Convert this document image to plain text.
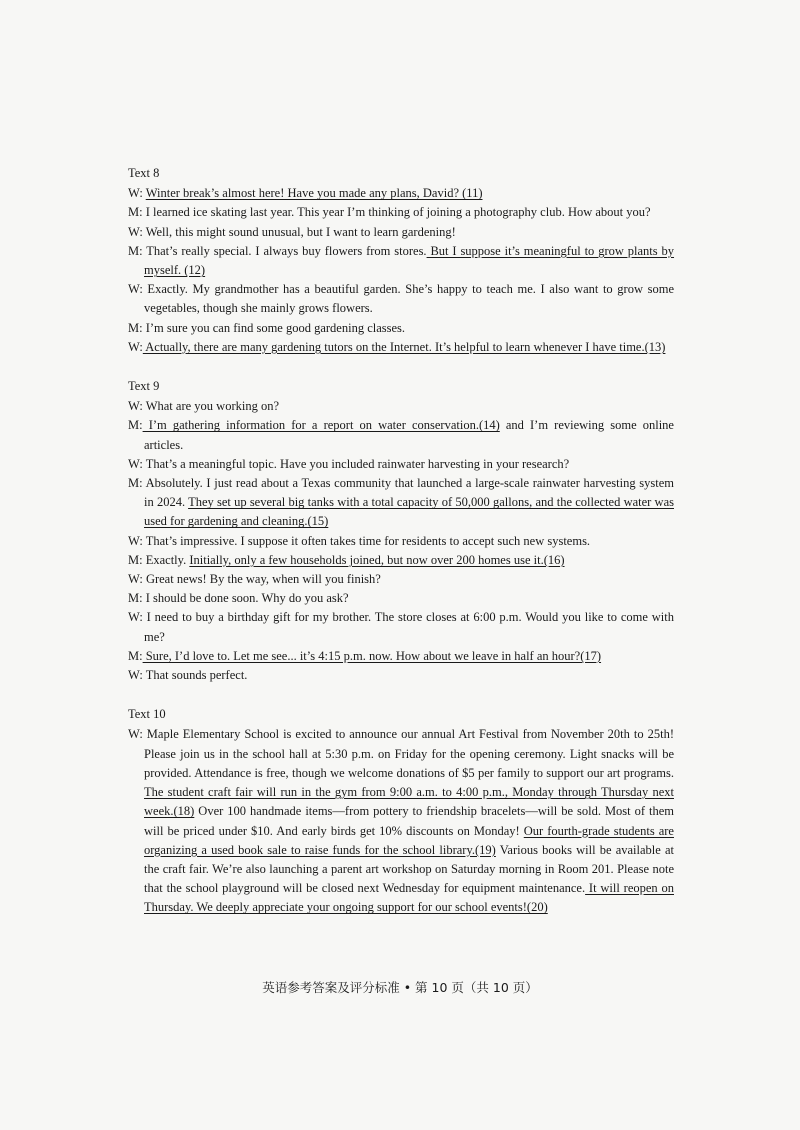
Text 8

W: Winter break’s almost here! Have you made any plans, David? (11)

M: I learned ice skating last year. This year I’m thinking of joining a photography club. How about you?

W: Well, this might sound unusual, but I want to learn gardening!

M: That’s really special. I always buy flowers from stores. But I suppose it’s meaningful to grow plants by myself. (12)

W: Exactly. My grandmother has a beautiful garden. She’s happy to teach me. I also want to grow some vegetables, though she mainly grows flowers.

M: I’m sure you can find some good gardening classes.

W: Actually, there are many gardening tutors on the Internet. It’s helpful to learn whenever I have time.(13)

Text 9

W: What are you working on?

M: I’m gathering information for a report on water conservation.(14) and I’m reviewing some online articles.

W: That’s a meaningful topic. Have you included rainwater harvesting in your research?

M: Absolutely. I just read about a Texas community that launched a large-scale rainwater harvesting system in 2024. They set up several big tanks with a total capacity of 50,000 gallons, and the collected water was used for gardening and cleaning.(15)

W: That’s impressive. I suppose it often takes time for residents to accept such new systems.

M: Exactly. Initially, only a few households joined, but now over 200 homes use it.(16)

W: Great news! By the way, when will you finish?

M: I should be done soon. Why do you ask?

W: I need to buy a birthday gift for my brother. The store closes at 6:00 p.m. Would you like to come with me?

M: Sure, I’d love to. Let me see... it’s 4:15 p.m. now. How about we leave in half an hour?(17)

W: That sounds perfect.

Text 10

W: Maple Elementary School is excited to announce our annual Art Festival from November 20th to 25th! Please join us in the school hall at 5:30 p.m. on Friday for the opening ceremony. Light snacks will be provided. Attendance is free, though we welcome donations of $5 per family to support our art programs. The student craft fair will run in the gym from 9:00 a.m. to 4:00 p.m., Monday through Thursday next week.(18) Over 100 handmade items—from pottery to friendship bracelets—will be sold. Most of them will be priced under $10. And early birds get 10% discounts on Monday! Our fourth-grade students are organizing a used book sale to raise funds for the school library.(19) Various books will be available at the craft fair. We’re also launching a parent art workshop on Saturday morning in Room 201. Please note that the school playground will be closed next Wednesday for equipment maintenance. It will reopen on Thursday. We deeply appreciate your ongoing support for our school events!(20)

英语参考答案及评分标准 • 第 10 页（共 10 页）
